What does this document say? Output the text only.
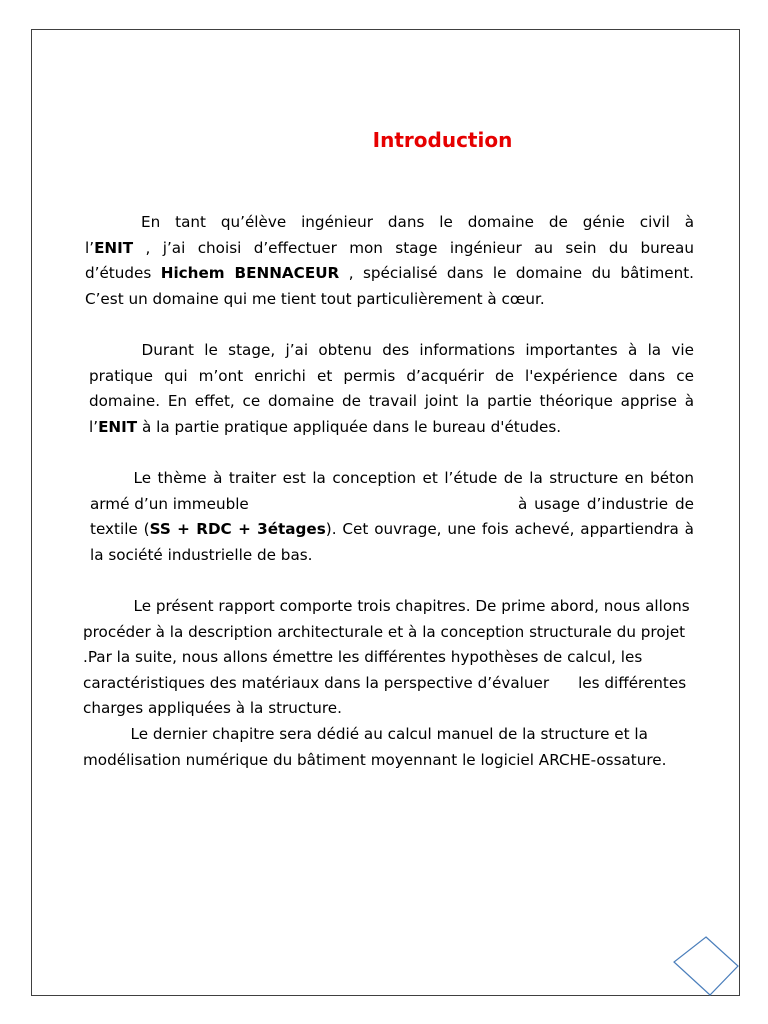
Introduction
En tant qu’élève ingénieur dans le domaine de génie civil à
l’ENIT , j’ai choisi d’effectuer mon stage ingénieur au sein du bureau
d’études Hichem BENNACEUR , spécialisé dans le domaine du bâtiment.
C’est un domaine qui me tient tout particulièrement à cœur.
Durant le stage, j’ai obtenu des informations importantes à la vie
pratique qui m’ont enrichi et permis d’acquérir de l'expérience dans ce
domaine. En effet, ce domaine de travail joint la partie théorique apprise à
l’ENIT à la partie pratique appliquée dans le bureau d'études.
Le thème à traiter est la conception et l’étude de la structure en béton
armé d’un immeuble	à usage d’industrie de
textile (SS + RDC + 3étages). Cet ouvrage, une fois achevé, appartiendra à
la société industrielle de bas.
Le présent rapport comporte trois chapitres. De prime abord, nous allons
procéder à la description architecturale et à la conception structurale du projet
.Par la suite, nous allons émettre les différentes hypothèses de calcul, les
caractéristiques des matériaux dans la perspective d’évaluer      les différentes
charges appliquées à la structure.
Le dernier chapitre sera dédié au calcul manuel de la structure et la
modélisation numérique du bâtiment moyennant le logiciel ARCHE-ossature.
